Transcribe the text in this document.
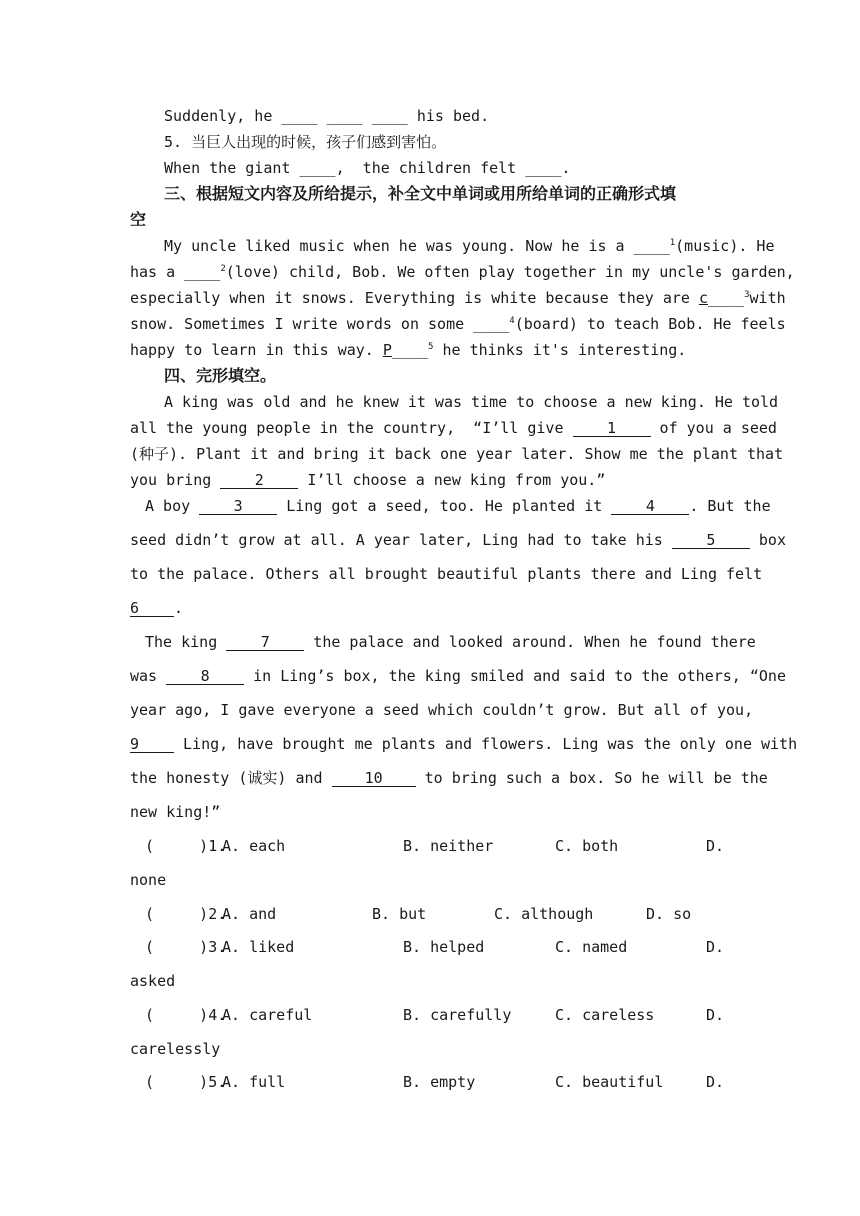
Suddenly, he ____ ____ ____ his bed.
5. 当巨人出现的时候，孩子们感到害怕。
When the giant ____,  the children felt ____.
三、根据短文内容及所给提示，补全文中单词或用所给单词的正确形式填
空
My uncle liked music when he was young. Now he is a ____$^1$(music). He
has a ____$^2$(love) child, Bob. We often play together in my uncle's garden,
especially when it snows. Everything is white because they are c____$^3$with
snow. Sometimes I write words on some ____$^4$(board) to teach Bob. He feels
happy to learn in this way. P____$^5$ he thinks it's interesting.
四、完形填空。
A king was old and he knew it was time to choose a new king. He told
all the young people in the country,  “I’ll give 1 of you a seed
(种子). Plant it and bring it back one year later. Show me the plant that
you bring 2 I’ll choose a new king from you.”
A boy 3 Ling got a seed, too. He planted it 4 . But the
seed didn’t grow at all. A year later, Ling had to take his 5 box
to the palace. Others all brought beautiful plants there and Ling felt
6 .
The king 7 the palace and looked around. When he found there
was 8 in Ling’s box, the king smiled and said to the others, “One
year ago, I gave everyone a seed which couldn’t grow. But all of you,
9 Ling, have brought me plants and flowers. Ling was the only one with
the honesty (诚实) and 10 to bring such a box. So he will be the
new king!”
(     )1.
A. each	B. neither	C. both	D.
none
(     )2.
A. and	B. but	C. although	D. so
(     )3.
A. liked	B. helped	C. named	D.
asked
(     )4.
A. careful	B. carefully	C. careless	D.
carelessly
(     )5.
A. full	B. empty	C. beautiful	D.
